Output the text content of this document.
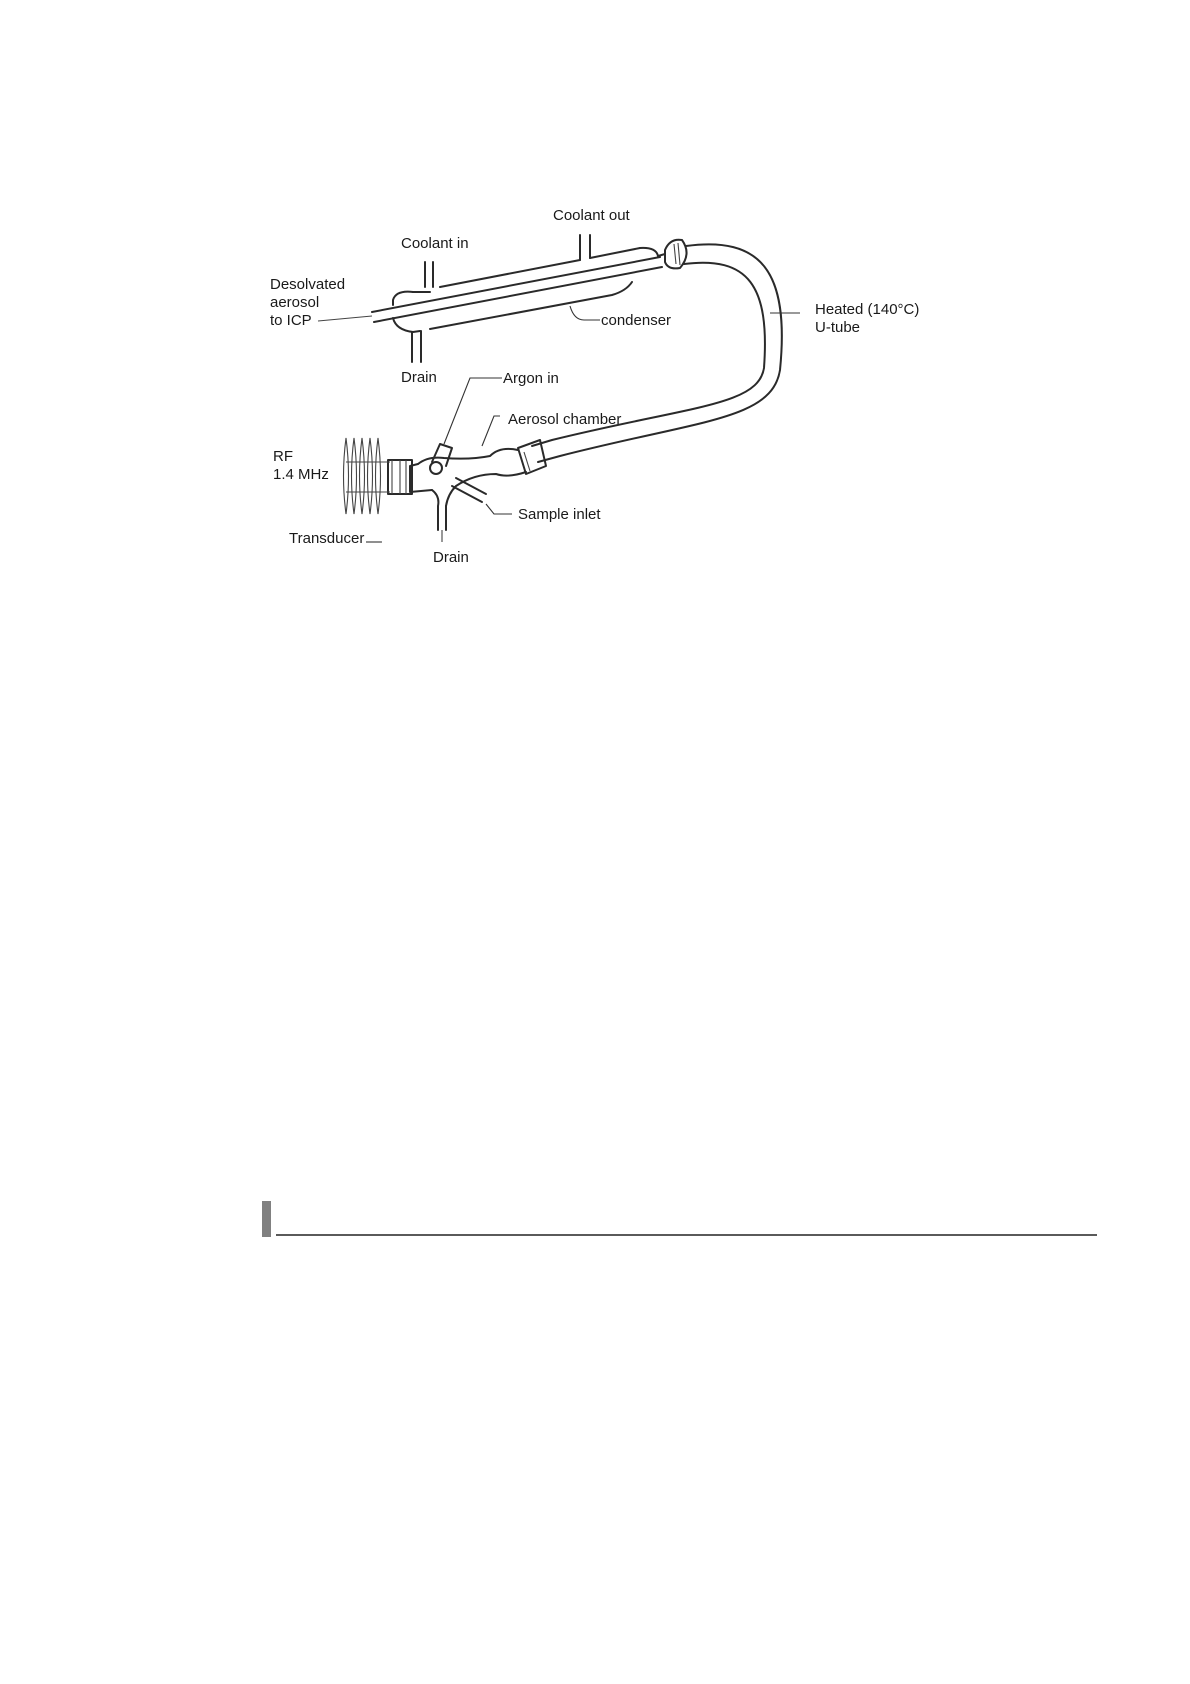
Coolant in
Coolant out
Desolvated
aerosol
to ICP	condenser
Heated (140°C)
U-tube
Drain	Argon in
Aerosol chamber
RF
1.4 MHz
Sample inlet
Transducer
Drain
